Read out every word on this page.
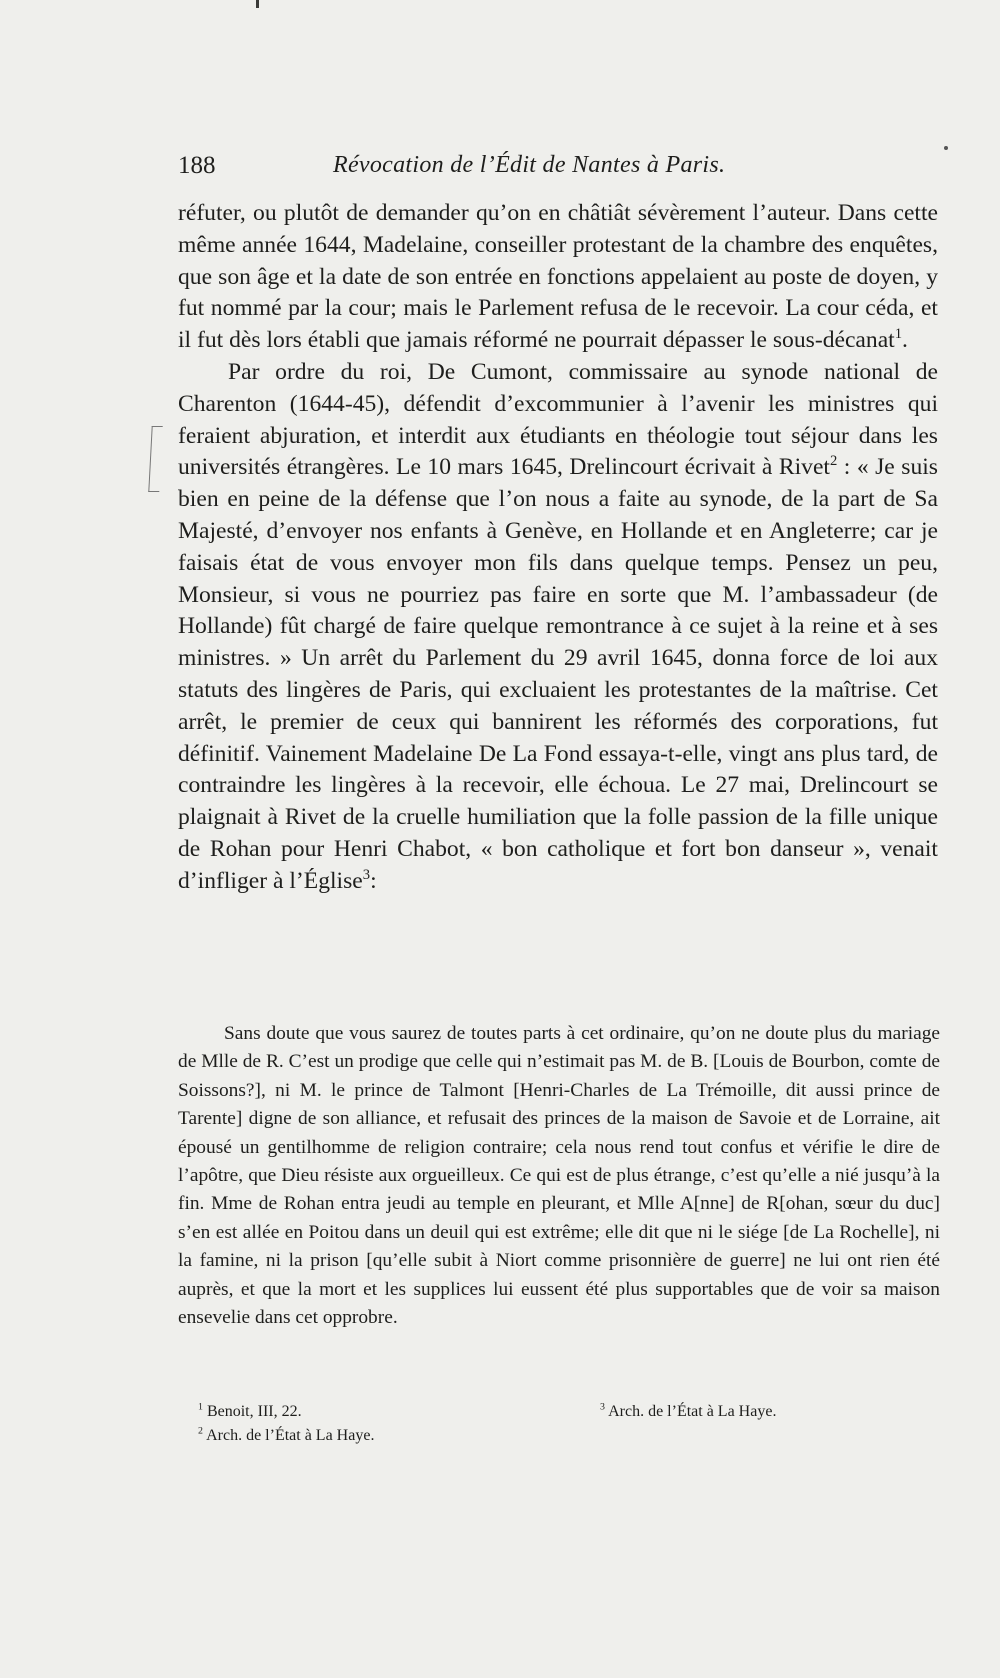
188	Révocation de l’Édit de Nantes à Paris.

réfuter, ou plutôt de demander qu’on en châtiât sévèrement l’auteur. Dans cette même année 1644, Madelaine, conseiller protestant de la chambre des enquêtes, que son âge et la date de son entrée en fonctions appelaient au poste de doyen, y fut nommé par la cour; mais le Parlement refusa de le recevoir. La cour céda, et il fut dès lors établi que jamais réformé ne pourrait dépasser le sous-décanat$^1$.

Par ordre du roi, De Cumont, commissaire au synode national de Charenton (1644-45), défendit d’excommunier à l’avenir les ministres qui feraient abjuration, et interdit aux étudiants en théologie tout séjour dans les universités étrangères. Le 10 mars 1645, Drelincourt écrivait à Rivet$^2$ : « Je suis bien en peine de la défense que l’on nous a faite au synode, de la part de Sa Majesté, d’envoyer nos enfants à Genève, en Hollande et en Angleterre; car je faisais état de vous envoyer mon fils dans quelque temps. Pensez un peu, Monsieur, si vous ne pourriez pas faire en sorte que M. l’ambassadeur (de Hollande) fût chargé de faire quelque remontrance à ce sujet à la reine et à ses ministres. » Un arrêt du Parlement du 29 avril 1645, donna force de loi aux statuts des lingères de Paris, qui excluaient les protestantes de la maîtrise. Cet arrêt, le premier de ceux qui bannirent les réformés des corporations, fut définitif. Vainement Madelaine De La Fond essaya-t-elle, vingt ans plus tard, de contraindre les lingères à la recevoir, elle échoua. Le 27 mai, Drelincourt se plaignait à Rivet de la cruelle humiliation que la folle passion de la fille unique de Rohan pour Henri Chabot, « bon catholique et fort bon danseur », venait d’infliger à l’Église$^3$:

Sans doute que vous saurez de toutes parts à cet ordinaire, qu’on ne doute plus du mariage de Mlle de R. C’est un prodige que celle qui n’estimait pas M. de B. [Louis de Bourbon, comte de Soissons?], ni M. le prince de Talmont [Henri-Charles de La Trémoille, dit aussi prince de Tarente] digne de son alliance, et refusait des princes de la maison de Savoie et de Lorraine, ait épousé un gentilhomme de religion contraire; cela nous rend tout confus et vérifie le dire de l’apôtre, que Dieu résiste aux orgueilleux. Ce qui est de plus étrange, c’est qu’elle a nié jusqu’à la fin. Mme de Rohan entra jeudi au temple en pleurant, et Mlle A[nne] de R[ohan, sœur du duc] s’en est allée en Poitou dans un deuil qui est extrême; elle dit que ni le siége [de La Rochelle], ni la famine, ni la prison [qu’elle subit à Niort comme prisonnière de guerre] ne lui ont rien été auprès, et que la mort et les supplices lui eussent été plus supportables que de voir sa maison ensevelie dans cet opprobre.
$^1$ Benoit, III, 22.
$^2$ Arch. de l’État à La Haye.
$^3$ Arch. de l’État à La Haye.
